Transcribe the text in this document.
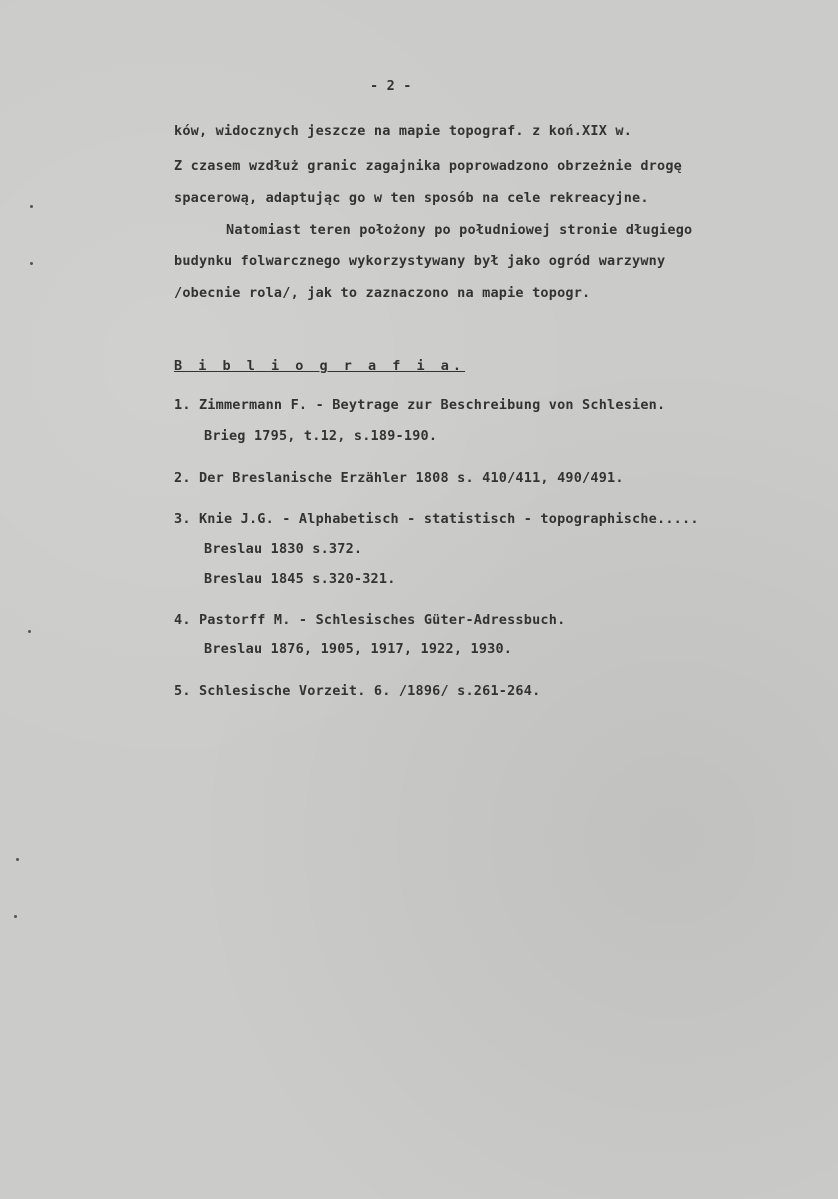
- 2 -
ków, widocznych jeszcze na mapie topograf. z koń.XIX w.
Z czasem wzdłuż granic zagajnika poprowadzono obrzeżnie drogę
spacerową, adaptując go w ten sposób na cele rekreacyjne.
Natomiast teren położony po południowej stronie długiego
budynku folwarcznego wykorzystywany był jako ogród warzywny
/obecnie rola/, jak to zaznaczono na mapie topogr.
B i b l i o g r a f i a.
1. Zimmermann F. - Beytrage zur Beschreibung von Schlesien.
Brieg 1795, t.12, s.189-190.
2. Der Breslanische Erzähler 1808 s. 410/411, 490/491.
3. Knie J.G. - Alphabetisch - statistisch - topographische.....
Breslau 1830 s.372.
Breslau 1845 s.320-321.
4. Pastorff M. - Schlesisches Güter-Adressbuch.
Breslau 1876, 1905, 1917, 1922, 1930.
5. Schlesische Vorzeit. 6. /1896/ s.261-264.
